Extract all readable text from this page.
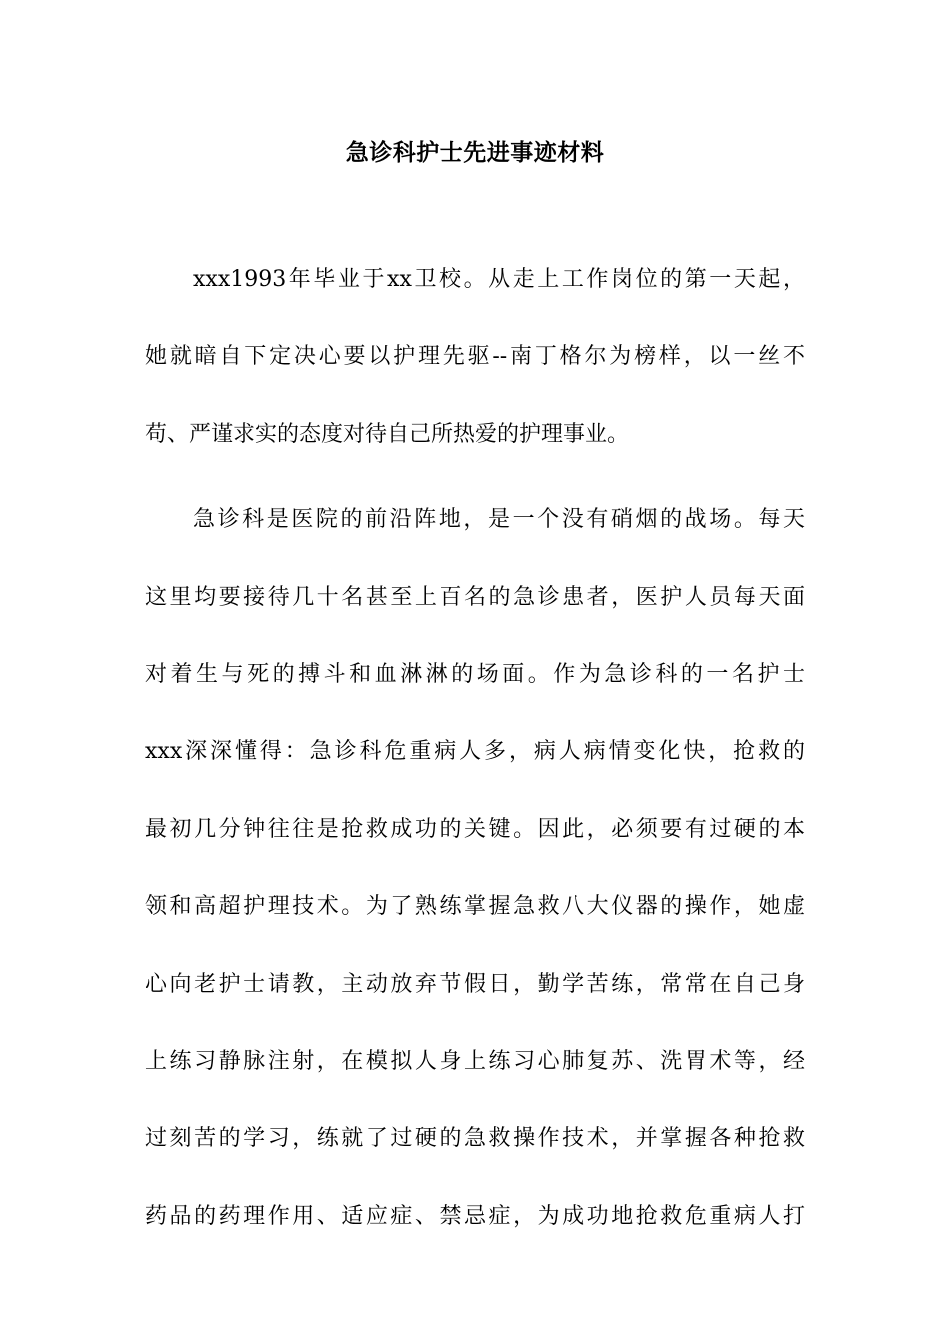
急诊科护士先进事迹材料
xxx1993年毕业于xx卫校。从走上工作岗位的第一天起，
她就暗自下定决心要以护理先驱--南丁格尔为榜样，以一丝不
苟、严谨求实的态度对待自己所热爱的护理事业。
急诊科是医院的前沿阵地，是一个没有硝烟的战场。每天
这里均要接待几十名甚至上百名的急诊患者，医护人员每天面
对着生与死的搏斗和血淋淋的场面。作为急诊科的一名护士
xxx深深懂得：急诊科危重病人多，病人病情变化快，抢救的
最初几分钟往往是抢救成功的关键。因此，必须要有过硬的本
领和高超护理技术。为了熟练掌握急救八大仪器的操作，她虚
心向老护士请教，主动放弃节假日，勤学苦练，常常在自己身
上练习静脉注射，在模拟人身上练习心肺复苏、洗胃术等，经
过刻苦的学习，练就了过硬的急救操作技术，并掌握各种抢救
药品的药理作用、适应症、禁忌症，为成功地抢救危重病人打
